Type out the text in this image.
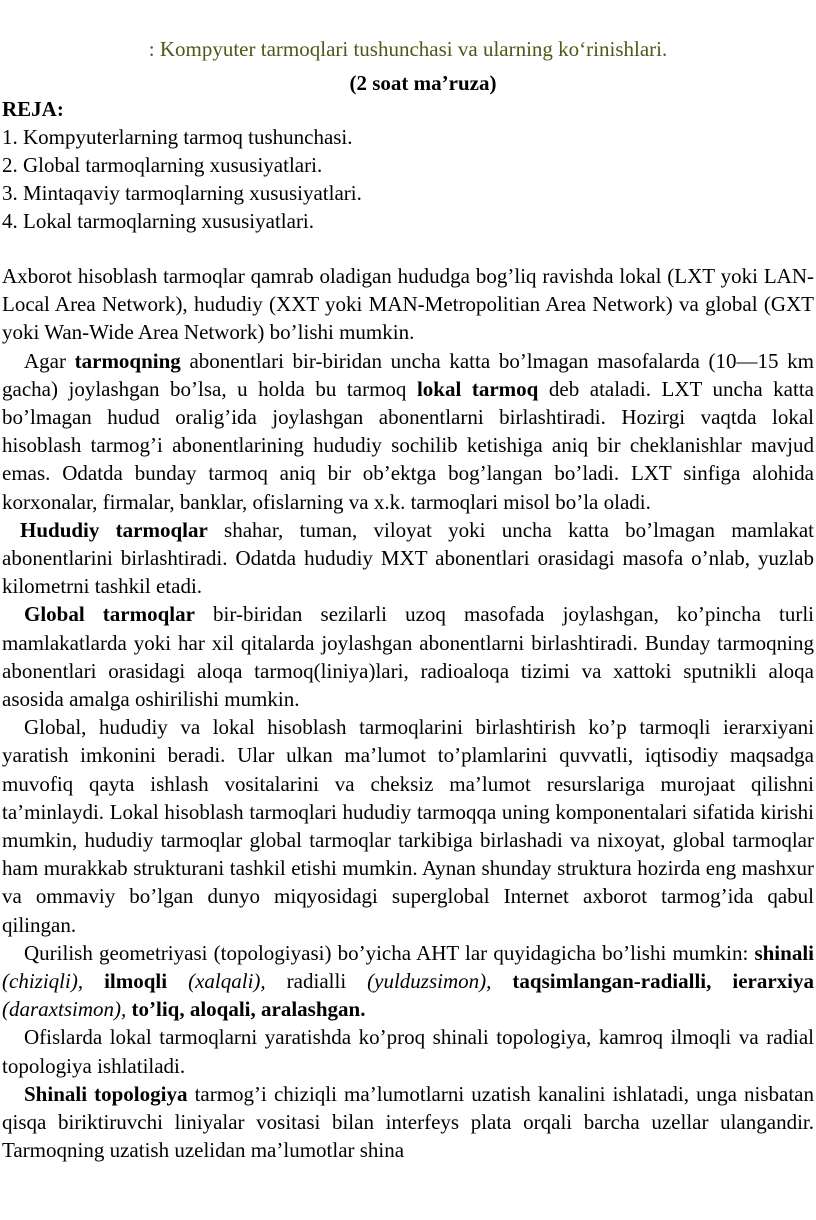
: Kompyuter tarmoqlari tushunchasi va ularning ko‘rinishlari.
(2 soat ma’ruza)
REJA:
1. Kompyuterlarning tarmoq tushunchasi.
2. Global tarmoqlarning xususiyatlari.
3. Mintaqaviy tarmoqlarning xususiyatlari.
4. Lokal tarmoqlarning xususiyatlari.

Axborot hisoblash tarmoqlar qamrab oladigan hududga bog’liq ravishda lokal (LXT yoki LAN-Local Area Network), hududiy (XXT yoki MAN-Metropolitian Area Network) va global (GXT yoki Wan-Wide Area Network) bo’lishi mumkin.

Agar tarmoqning abonentlari bir-biridan uncha katta bo’lmagan masofalarda (10—15 km gacha) joylashgan bo’lsa, u holda bu tarmoq lokal tarmoq deb ataladi. LXT uncha katta bo’lmagan hudud oralig’ida joylashgan abonentlarni birlashtiradi. Hozirgi vaqtda lokal hisoblash tarmog’i abonentlarining hududiy sochilib ketishiga aniq bir cheklanishlar mavjud emas. Odatda bunday tarmoq aniq bir ob’ektga bog’langan bo’ladi. LXT sinfiga alohida korxonalar, firmalar, banklar, ofislarning va x.k. tarmoqlari misol bo’la oladi.

Hududiy tarmoqlar shahar, tuman, viloyat yoki uncha katta bo’lmagan mamlakat abonentlarini birlashtiradi. Odatda hududiy MXT abonentlari orasidagi masofa o’nlab, yuzlab kilometrni tashkil etadi.

Global tarmoqlar bir-biridan sezilarli uzoq masofada joylashgan, ko’pincha turli mamlakatlarda yoki har xil qitalarda joylashgan abonentlarni birlashtiradi. Bunday tarmoqning abonentlari orasidagi aloqa tarmoq(liniya)lari, radioaloqa tizimi va xattoki sputnikli aloqa asosida amalga oshirilishi mumkin.

Global, hududiy va lokal hisoblash tarmoqlarini birlashtirish ko’p tarmoqli ierarxiyani yaratish imkonini beradi. Ular ulkan ma’lumot to’plamlarini quvvatli, iqtisodiy maqsadga muvofiq qayta ishlash vositalarini va cheksiz ma’lumot resurslariga murojaat qilishni ta’minlaydi. Lokal hisoblash tarmoqlari hududiy tarmoqqa uning komponentalari sifatida kirishi mumkin, hududiy tarmoqlar global tarmoqlar tarkibiga birlashadi va nixoyat, global tarmoqlar ham murakkab strukturani tashkil etishi mumkin. Aynan shunday struktura hozirda eng mashxur va ommaviy bo’lgan dunyo miqyosidagi superglobal Internet axborot tarmog’ida qabul qilingan.

Qurilish geometriyasi (topologiyasi) bo’yicha AHT lar quyidagicha bo’lishi mumkin: shinali (chiziqli), ilmoqli (xalqali), radialli (yulduzsimon), taqsimlangan-radialli, ierarxiya (daraxtsimon), to’liq, aloqali, aralashgan.

Ofislarda lokal tarmoqlarni yaratishda ko’proq shinali topologiya, kamroq ilmoqli va radial topologiya ishlatiladi.

Shinali topologiya tarmog’i chiziqli ma’lumotlarni uzatish kanalini ishlatadi, unga nisbatan qisqa biriktiruvchi liniyalar vositasi bilan interfeys plata orqali barcha uzellar ulangandir. Tarmoqning uzatish uzelidan ma’lumotlar shina
